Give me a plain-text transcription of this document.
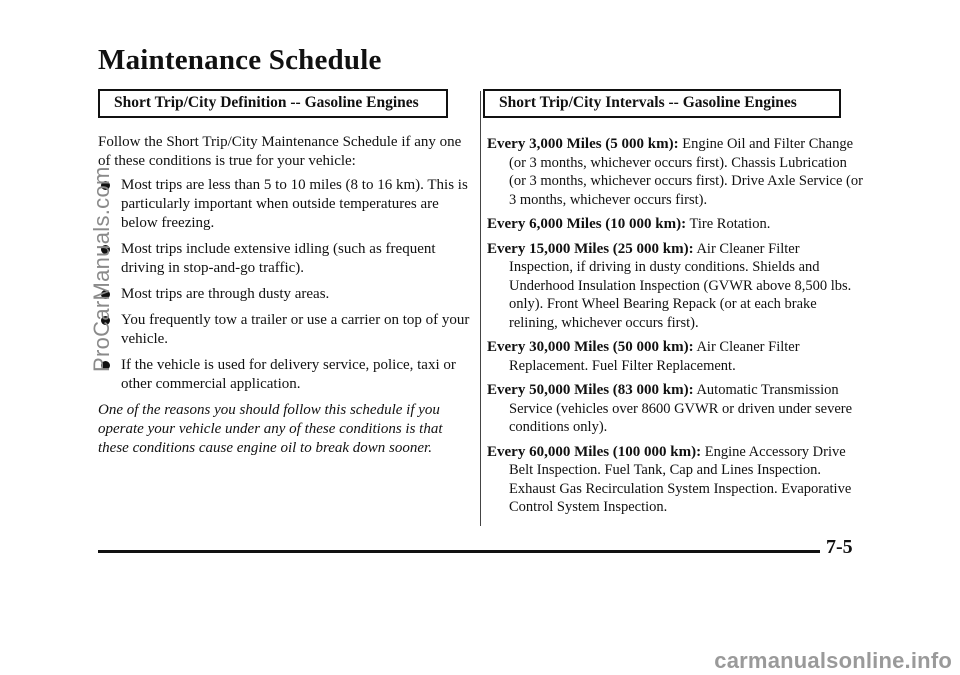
Maintenance Schedule
Short Trip/City Definition -- Gasoline Engines

Follow the Short Trip/City Maintenance Schedule if any one of these conditions is true for your vehicle:

Most trips are less than 5 to 10 miles (8 to 16 km). This is particularly important when outside temperatures are below freezing.
Most trips include extensive idling (such as frequent driving in stop-and-go traffic).
Most trips are through dusty areas.
You frequently tow a trailer or use a carrier on top of your vehicle.
If the vehicle is used for delivery service, police, taxi or other commercial application.

One of the reasons you should follow this schedule if you operate your vehicle under any of these conditions is that these conditions cause engine oil to break down sooner.

Short Trip/City Intervals -- Gasoline Engines

Every 3,000 Miles (5 000 km): Engine Oil and Filter Change (or 3 months, whichever occurs first). Chassis Lubrication (or 3 months, whichever occurs first). Drive Axle Service (or 3 months, whichever occurs first).

Every 6,000 Miles (10 000 km): Tire Rotation.

Every 15,000 Miles (25 000 km): Air Cleaner Filter Inspection, if driving in dusty conditions. Shields and Underhood Insulation Inspection (GVWR above 8,500 lbs. only). Front Wheel Bearing Repack (or at each brake relining, whichever occurs first).

Every 30,000 Miles (50 000 km): Air Cleaner Filter Replacement. Fuel Filter Replacement.

Every 50,000 Miles (83 000 km): Automatic Transmission Service (vehicles over 8600 GVWR or driven under severe conditions only).

Every 60,000 Miles (100 000 km): Engine Accessory Drive Belt Inspection. Fuel Tank, Cap and Lines Inspection. Exhaust Gas Recirculation System Inspection. Evaporative Control System Inspection.

7-5
ProCarManuals.com
carmanualsonline.info
